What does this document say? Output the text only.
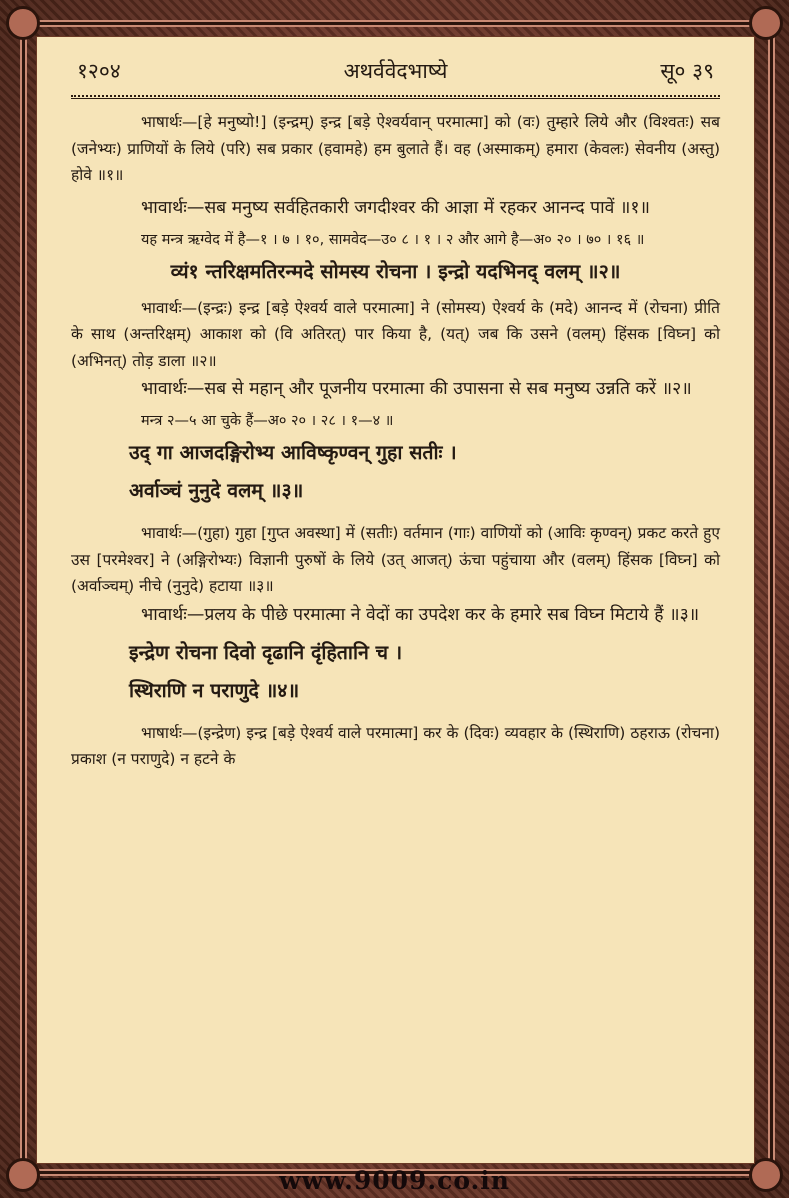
१२०४	अथर्ववेदभाष्ये	सू० ३९

भाषार्थः—[हे मनुष्यो!] (इन्द्रम्) इन्द्र [बड़े ऐश्वर्यवान् परमात्मा] को (वः) तुम्हारे लिये और (विश्वतः) सब (जनेभ्यः) प्राणियों के लिये (परि) सब प्रकार (हवामहे) हम बुलाते हैं। वह (अस्माकम्) हमारा (केवलः) सेवनीय (अस्तु) होवे ॥१॥

भावार्थः—सब मनुष्य सर्वहितकारी जगदीश्वर की आज्ञा में रहकर आनन्द पावें ॥१॥

यह मन्त्र ऋग्वेद में है—१ । ७ । १०, सामवेद—उ० ८ । १ । २ और आगे है—अ० २० । ७० । १६ ॥

व्यं१ न्तरिक्षमतिरन्मदे सोमस्य रोचना । इन्द्रो यदभिनद् वलम् ॥२॥

भावार्थः—(इन्द्रः) इन्द्र [बड़े ऐश्वर्य वाले परमात्मा] ने (सोमस्य) ऐश्वर्य के (मदे) आनन्द में (रोचना) प्रीति के साथ (अन्तरिक्षम्) आकाश को (वि अतिरत्) पार किया है, (यत्) जब कि उसने (वलम्) हिंसक [विघ्न] को (अभिनत्) तोड़ डाला ॥२॥

भावार्थः—सब से महान् और पूजनीय परमात्मा की उपासना से सब मनुष्य उन्नति करें ॥२॥

मन्त्र २—५ आ चुके हैं—अ० २० । २८ । १—४ ॥

उद् गा आजदङ्गिरोभ्य आविष्कृण्वन् गुहा सतीः ।

अर्वाञ्चं नुनुदे वलम् ॥३॥

भावार्थः—(गुहा) गुहा [गुप्त अवस्था] में (सतीः) वर्तमान (गाः) वाणियों को (आविः कृण्वन्) प्रकट करते हुए उस [परमेश्वर] ने (अङ्गिरोभ्यः) विज्ञानी पुरुषों के लिये (उत् आजत्) ऊंचा पहुंचाया और (वलम्) हिंसक [विघ्न] को (अर्वाञ्चम्) नीचे (नुनुदे) हटाया ॥३॥

भावार्थः—प्रलय के पीछे परमात्मा ने वेदों का उपदेश कर के हमारे सब विघ्न मिटाये हैं ॥३॥

इन्द्रेण रोचना दिवो दृढानि दृंहितानि च ।

स्थिराणि न पराणुदे ॥४॥

भाषार्थः—(इन्द्रेण) इन्द्र [बड़े ऐश्वर्य वाले परमात्मा] कर के (दिवः) व्यवहार के (स्थिराणि) ठहराऊ (रोचना) प्रकाश (न पराणुदे) न हटने के

www.9009.co.in
